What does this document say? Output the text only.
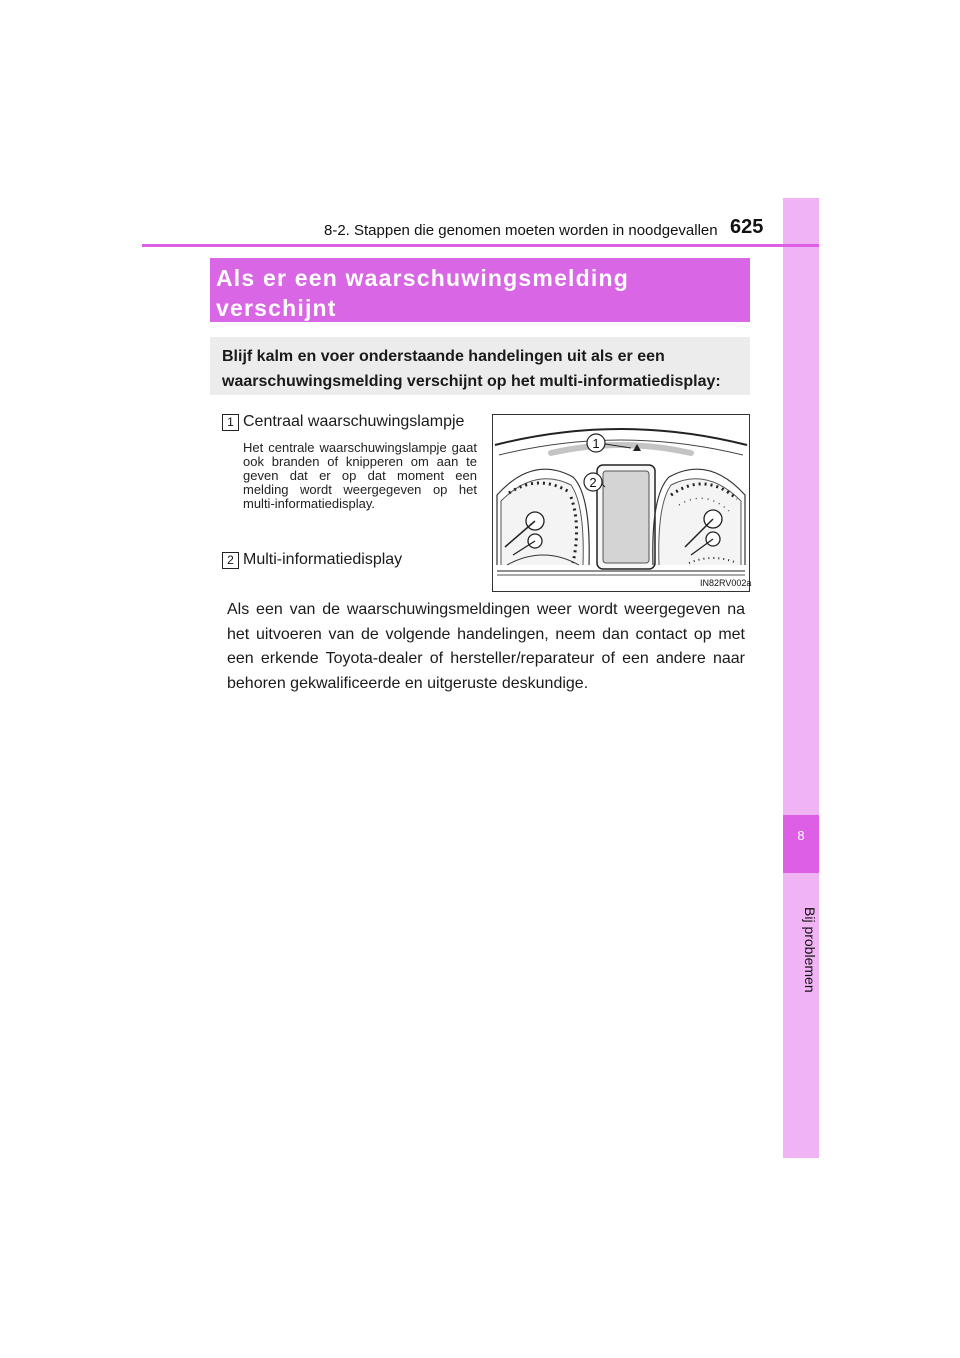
8
Bij problemen
8-2. Stappen die genomen moeten worden in noodgevallen 625
Als er een waarschuwingsmelding verschijnt
Blijf kalm en voer onderstaande handelingen uit als er een waarschuwingsmelding verschijnt op het multi-informatiedisplay:
1 Centraal waarschuwingslampje
Het centrale waarschuwingslampje gaat ook branden of knipperen om aan te geven dat er op dat moment een melding wordt weergegeven op het multi-informatiedisplay.
2 Multi-informatiedisplay
Als een van de waarschuwingsmeldingen weer wordt weergegeven na het uitvoeren van de volgende handelingen, neem dan contact op met een erkende Toyota-dealer of hersteller/reparateur of een andere naar behoren gekwalificeerde en uitgeruste deskundige.
1
2
IN82RV002a
